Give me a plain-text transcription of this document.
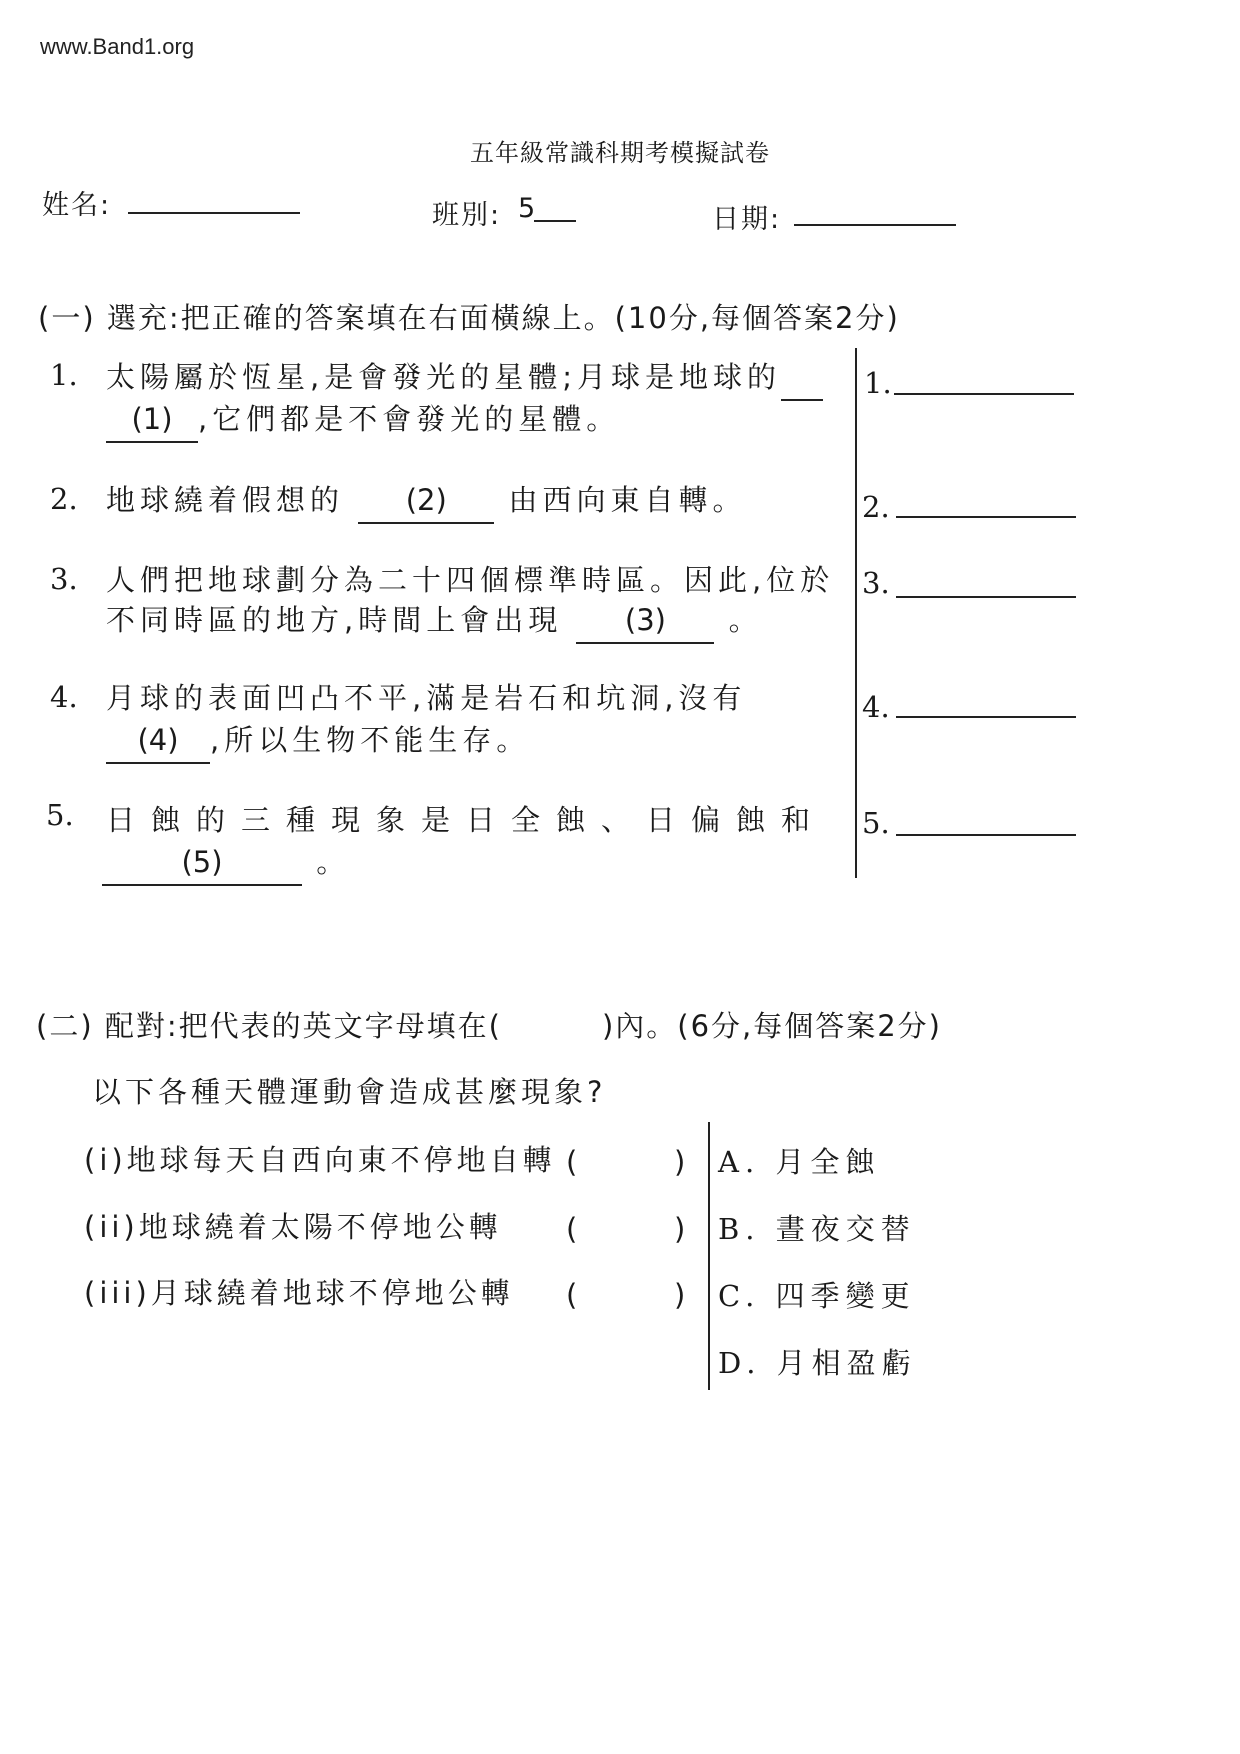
www.Band1.org
五年級常識科期考模擬試卷
姓名:	班別: 5	日期:
(一) 選充:把正確的答案填在右面橫線上。(10分,每個答案2分)
1. 太陽屬於恆星,是會發光的星體;月球是地球的
(1) ,它們都是不會發光的星體。
2. 地球繞着假想的 (2) 由西向東自轉。
3. 人們把地球劃分為二十四個標準時區。因此,位於
不同時區的地方,時間上會出現 (3) 。
4. 月球的表面凹凸不平,滿是岩石和坑洞,沒有
(4) ,所以生物不能生存。
5. 日蝕的三種現象是日全蝕、日偏蝕和
(5)	。
1.
2.
3.
4.
5.
(二) 配對:把代表的英文字母填在(	)內。(6分,每個答案2分)
以下各種天體運動會造成甚麼現象?
(i)地球每天自西向東不停地自轉 (	)
(ii)地球繞着太陽不停地公轉 (	)
(iii)月球繞着地球不停地公轉 (	)
A. 月全蝕
B. 晝夜交替
C. 四季變更
D. 月相盈虧
